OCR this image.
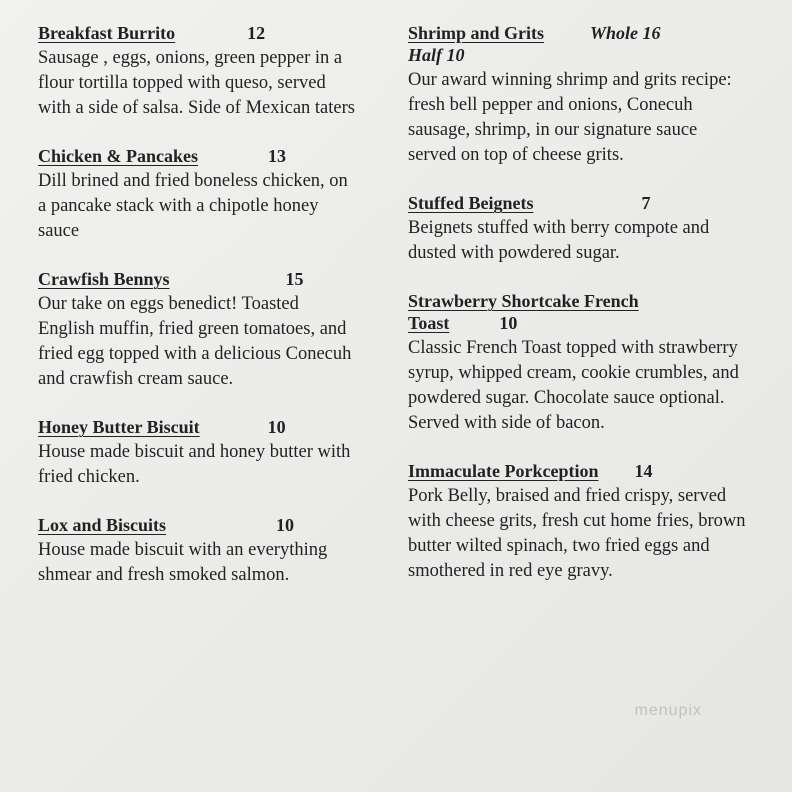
Breakfast Burrito	12
Sausage , eggs, onions, green pepper in a flour tortilla topped with queso, served with a side of salsa. Side of Mexican taters
Chicken & Pancakes	13
Dill brined and fried boneless chicken, on a pancake stack with a chipotle honey sauce
Crawfish Bennys	15
Our take on eggs benedict! Toasted English muffin, fried green tomatoes, and fried egg topped with a delicious Conecuh and crawfish cream sauce.
Honey Butter Biscuit	10
House made biscuit and honey butter with fried chicken.
Lox and Biscuits	10
House made biscuit with an everything shmear and fresh smoked salmon.
Shrimp and Grits	Whole 16
Half 10
Our award winning shrimp and grits recipe: fresh bell pepper and onions, Conecuh sausage, shrimp, in our signature sauce served on top of cheese grits.
Stuffed Beignets	7
Beignets stuffed with berry compote and dusted with powdered sugar.
Strawberry Shortcake French
Toast	10
Classic French Toast topped with strawberry syrup, whipped cream, cookie crumbles, and powdered sugar. Chocolate sauce optional. Served with side of bacon.
Immaculate Porkception 14
Pork Belly, braised and fried crispy, served with cheese grits, fresh cut home fries, brown butter wilted spinach, two fried eggs and smothered in red eye gravy.
menupix
